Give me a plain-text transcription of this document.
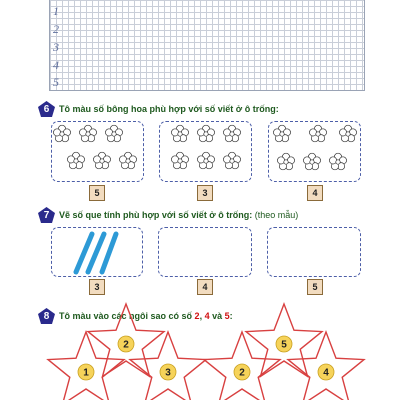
1
2
3
4
5
6 Tô màu số bông hoa phù hợp với số viết ở ô trống:
5	3	4
7 Vẽ số que tính phù hợp với số viết ở ô trống: (theo mẫu)
3	4	5
8 Tô màu vào các ngôi sao có số 2, 4 và 5:
1
2
3	2
5
4
